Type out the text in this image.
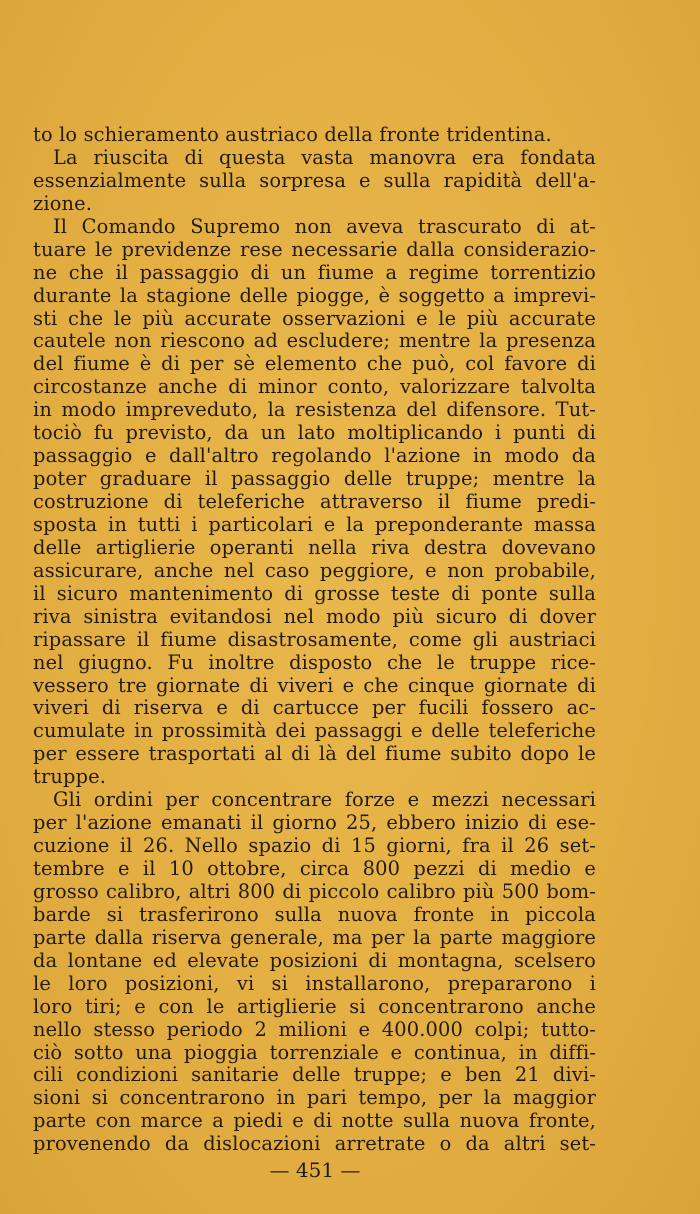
to lo schieramento austriaco della fronte tridentina.
La riuscita di questa vasta manovra era fondata
essenzialmente sulla sorpresa e sulla rapidità dell'a-
zione.
Il Comando Supremo non aveva trascurato di at-
tuare le previdenze rese necessarie dalla considerazio-
ne che il passaggio di un fiume a regime torrentizio
durante la stagione delle piogge, è soggetto a imprevi-
sti che le più accurate osservazioni e le più accurate
cautele non riescono ad escludere; mentre la presenza
del fiume è di per sè elemento che può, col favore di
circostanze anche di minor conto, valorizzare talvolta
in modo impreveduto, la resistenza del difensore. Tut-
tociò fu previsto, da un lato moltiplicando i punti di
passaggio e dall'altro regolando l'azione in modo da
poter graduare il passaggio delle truppe; mentre la
costruzione di teleferiche attraverso il fiume predi-
sposta in tutti i particolari e la preponderante massa
delle artiglierie operanti nella riva destra dovevano
assicurare, anche nel caso peggiore, e non probabile,
il sicuro mantenimento di grosse teste di ponte sulla
riva sinistra evitandosi nel modo più sicuro di dover
ripassare il fiume disastrosamente, come gli austriaci
nel giugno. Fu inoltre disposto che le truppe rice-
vessero tre giornate di viveri e che cinque giornate di
viveri di riserva e di cartucce per fucili fossero ac-
cumulate in prossimità dei passaggi e delle teleferiche
per essere trasportati al di là del fiume subito dopo le
truppe.
Gli ordini per concentrare forze e mezzi necessari
per l'azione emanati il giorno 25, ebbero inizio di ese-
cuzione il 26. Nello spazio di 15 giorni, fra il 26 set-
tembre e il 10 ottobre, circa 800 pezzi di medio e
grosso calibro, altri 800 di piccolo calibro più 500 bom-
barde si trasferirono sulla nuova fronte in piccola
parte dalla riserva generale, ma per la parte maggiore
da lontane ed elevate posizioni di montagna, scelsero
le loro posizioni, vi si installarono, prepararono i
loro tiri; e con le artiglierie si concentrarono anche
nello stesso periodo 2 milioni e 400.000 colpi; tutto-
ciò sotto una pioggia torrenziale e continua, in diffi-
cili condizioni sanitarie delle truppe; e ben 21 divi-
sioni si concentrarono in pari tempo, per la maggior
parte con marce a piedi e di notte sulla nuova fronte,
provenendo da dislocazioni arretrate o da altri set-
— 451 —
